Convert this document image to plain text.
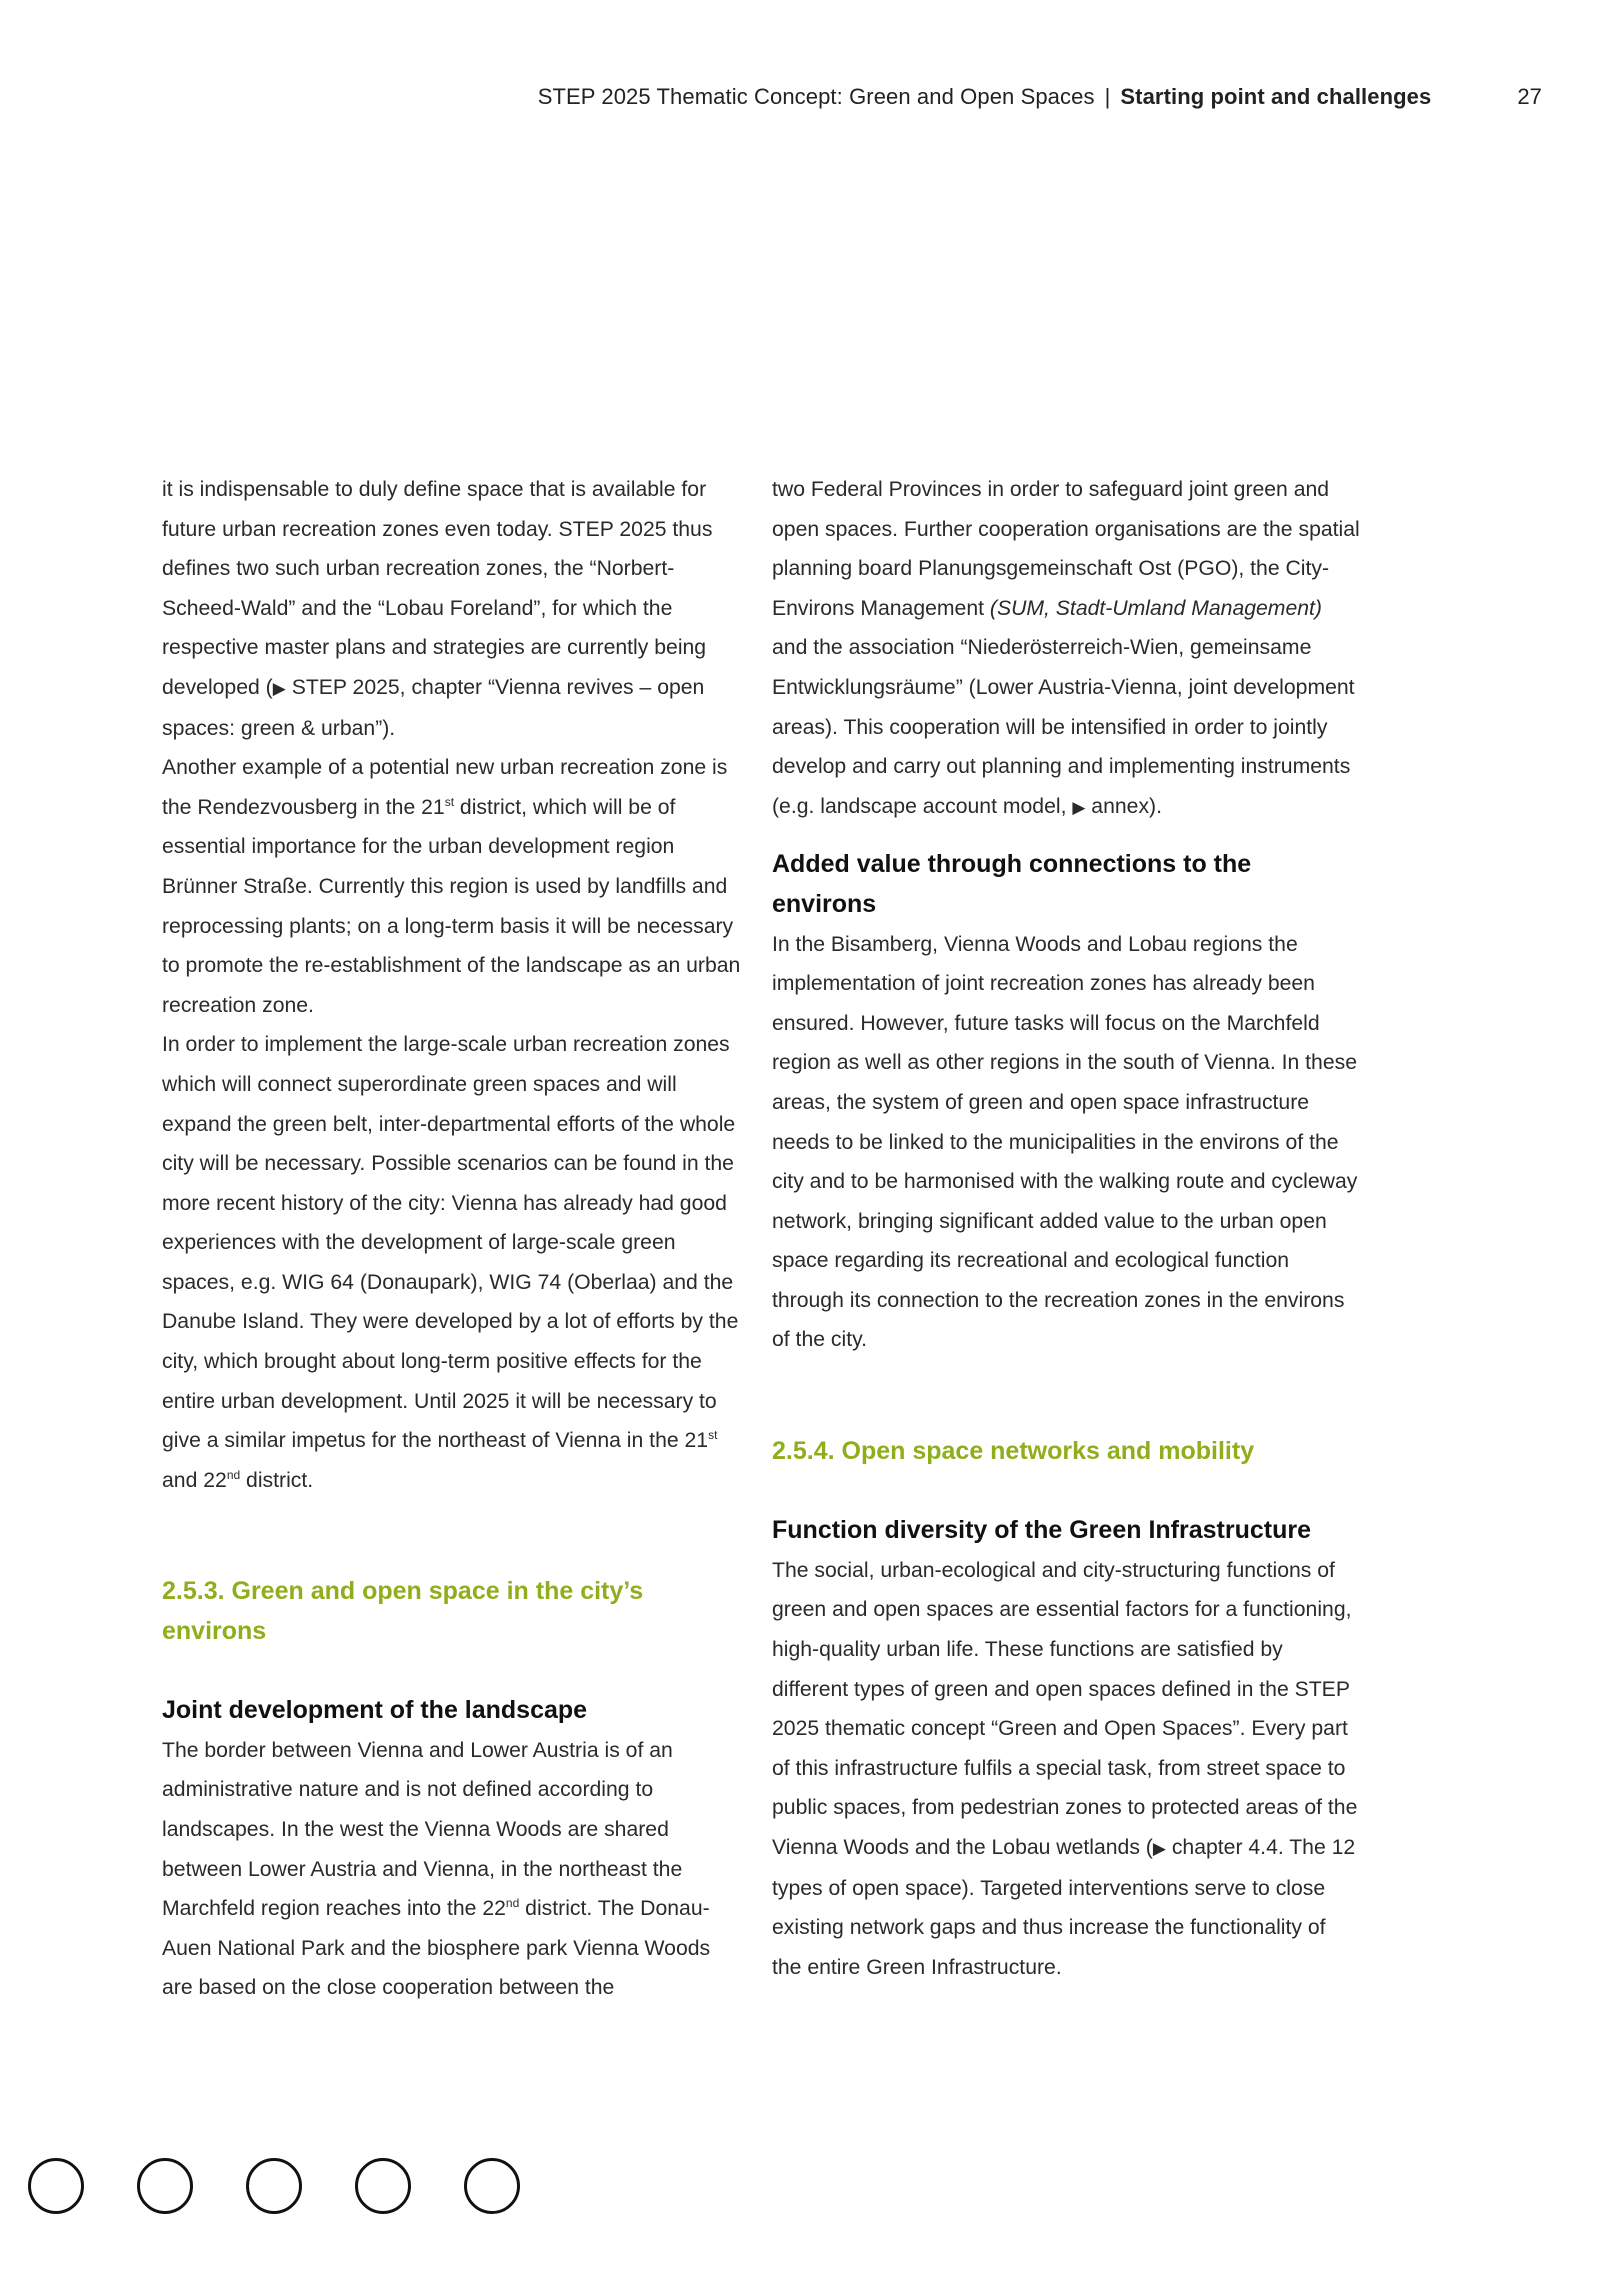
STEP 2025 Thematic Concept: Green and Open Spaces | Starting point and challenges	27

it is indispensable to duly define space that is available for future urban recreation zones even today. STEP 2025 thus defines two such urban recreation zones, the “Norbert-Scheed-Wald” and the “Lobau Foreland”, for which the respective master plans and strategies are currently being developed (▶ STEP 2025, chapter “Vienna revives – open spaces: green & urban”).

Another example of a potential new urban recreation zone is the Rendezvousberg in the 21st district, which will be of essential importance for the urban development region Brünner Straße. Currently this region is used by landfills and reprocessing plants; on a long-term basis it will be necessary to promote the re-establishment of the landscape as an urban recreation zone.

In order to implement the large-scale urban recreation zones which will connect superordinate green spaces and will expand the green belt, inter-departmental efforts of the whole city will be necessary. Possible scenarios can be found in the more recent history of the city: Vienna has already had good experiences with the development of large-scale green spaces, e.g. WIG 64 (Donaupark), WIG 74 (Oberlaa) and the Danube Island. They were developed by a lot of efforts by the city, which brought about long-term positive effects for the entire urban development. Until 2025 it will be necessary to give a similar impetus for the northeast of Vienna in the 21st and 22nd district.

2.5.3. Green and open space in the city’s environs
Joint development of the landscape

The border between Vienna and Lower Austria is of an administrative nature and is not defined according to landscapes. In the west the Vienna Woods are shared between Lower Austria and Vienna, in the northeast the Marchfeld region reaches into the 22nd district. The Donau-Auen National Park and the biosphere park Vienna Woods are based on the close cooperation between the

two Federal Provinces in order to safeguard joint green and open spaces. Further cooperation organisations are the spatial planning board Planungsgemeinschaft Ost (PGO), the City-Environs Management (SUM, Stadt-Umland Management) and the association “Niederösterreich-Wien, gemeinsame Entwicklungsräume” (Lower Austria-Vienna, joint development areas). This cooperation will be intensified in order to jointly develop and carry out planning and implementing instruments (e.g. landscape account model, ▶ annex).

Added value through connections to the environs

In the Bisamberg, Vienna Woods and Lobau regions the implementation of joint recreation zones has already been ensured. However, future tasks will focus on the Marchfeld region as well as other regions in the south of Vienna. In these areas, the system of green and open space infrastructure needs to be linked to the municipalities in the environs of the city and to be harmonised with the walking route and cycleway network, bringing significant added value to the urban open space regarding its recreational and ecological function through its connection to the recreation zones in the environs of the city.

2.5.4. Open space networks and mobility
Function diversity of the Green Infrastructure

The social, urban-ecological and city-structuring functions of green and open spaces are essential factors for a functioning, high-quality urban life. These functions are satisfied by different types of green and open spaces defined in the STEP 2025 thematic concept “Green and Open Spaces”. Every part of this infrastructure fulfils a special task, from street space to public spaces, from pedestrian zones to protected areas of the Vienna Woods and the Lobau wetlands (▶ chapter 4.4. The 12 types of open space). Targeted interventions serve to close existing network gaps and thus increase the functionality of the entire Green Infrastructure.
